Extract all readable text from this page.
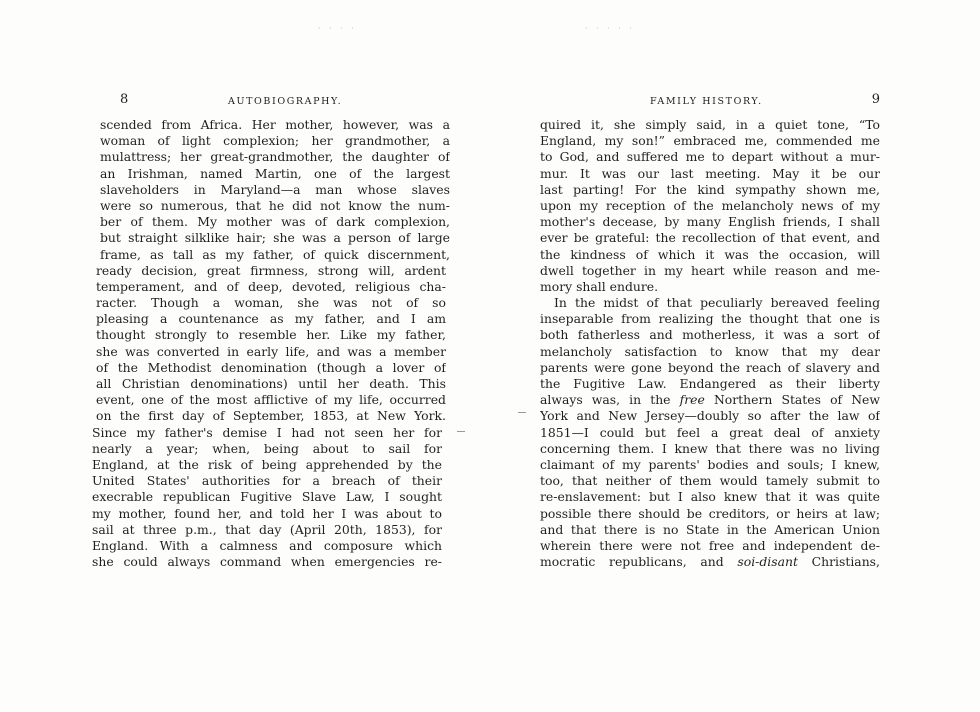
· · · ·	· · · · ·
8	AUTOBIOGRAPHY.
scended from Africa. Her mother, however, was a
woman of light complexion; her grandmother, a
mulattress; her great-grandmother, the daughter of
an Irishman, named Martin, one of the largest
slaveholders in Maryland—a man whose slaves
were so numerous, that he did not know the num-
ber of them. My mother was of dark complexion,
but straight silklike hair; she was a person of large
frame, as tall as my father, of quick discernment,
ready decision, great firmness, strong will, ardent
temperament, and of deep, devoted, religious cha-
racter. Though a woman, she was not of so
pleasing a countenance as my father, and I am
thought strongly to resemble her. Like my father,
she was converted in early life, and was a member
of the Methodist denomination (though a lover of
all Christian denominations) until her death. This
event, one of the most afflictive of my life, occurred
on the first day of September, 1853, at New York.
Since my father's demise I had not seen her for
nearly a year; when, being about to sail for
England, at the risk of being apprehended by the
United States' authorities for a breach of their
execrable republican Fugitive Slave Law, I sought
my mother, found her, and told her I was about to
sail at three p.m., that day (April 20th, 1853), for
England. With a calmness and composure which
she could always command when emergencies re-
FAMILY HISTORY.	9
quired it, she simply said, in a quiet tone, “To
England, my son!” embraced me, commended me
to God, and suffered me to depart without a mur-
mur. It was our last meeting. May it be our
last parting! For the kind sympathy shown me,
upon my reception of the melancholy news of my
mother's decease, by many English friends, I shall
ever be grateful: the recollection of that event, and
the kindness of which it was the occasion, will
dwell together in my heart while reason and me-
mory shall endure.
In the midst of that peculiarly bereaved feeling
inseparable from realizing the thought that one is
both fatherless and motherless, it was a sort of
melancholy satisfaction to know that my dear
parents were gone beyond the reach of slavery and
the Fugitive Law. Endangered as their liberty
always was, in the free Northern States of New
York and New Jersey—doubly so after the law of
1851—I could but feel a great deal of anxiety
concerning them. I knew that there was no living
claimant of my parents' bodies and souls; I knew,
too, that neither of them would tamely submit to
re-enslavement: but I also knew that it was quite
possible there should be creditors, or heirs at law;
and that there is no State in the American Union
wherein there were not free and independent de-
mocratic republicans, and soi-disant Christians,
